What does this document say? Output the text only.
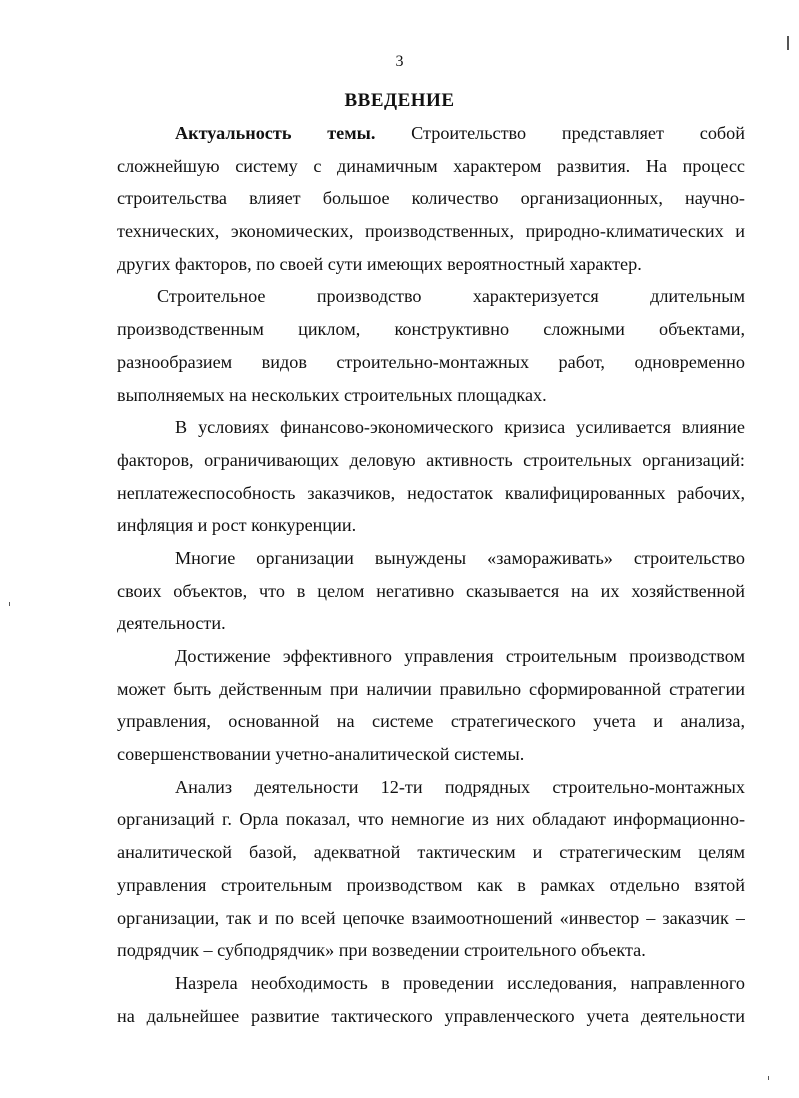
3
ВВЕДЕНИЕ
Актуальность темы. Строительство представляет собой
сложнейшую систему с динамичным характером развития. На процесс
строительства влияет большое количество организационных, научно-
технических, экономических, производственных, природно-климатических и
других факторов, по своей сути имеющих вероятностный характер.
Строительное производство характеризуется длительным
производственным циклом, конструктивно сложными объектами,
разнообразием видов строительно-монтажных работ, одновременно
выполняемых на нескольких строительных площадках.
В условиях финансово-экономического кризиса усиливается влияние
факторов, ограничивающих деловую активность строительных организаций:
неплатежеспособность заказчиков, недостаток квалифицированных рабочих,
инфляция и рост конкуренции.
Многие организации вынуждены «замораживать» строительство
своих объектов, что в целом негативно сказывается на их хозяйственной
деятельности.
Достижение эффективного управления строительным производством
может быть действенным при наличии правильно сформированной стратегии
управления, основанной на системе стратегического учета и анализа,
совершенствовании учетно-аналитической системы.
Анализ деятельности 12-ти подрядных строительно-монтажных
организаций г. Орла показал, что немногие из них обладают информационно-
аналитической базой, адекватной тактическим и стратегическим целям
управления строительным производством как в рамках отдельно взятой
организации, так и по всей цепочке взаимоотношений «инвестор – заказчик –
подрядчик – субподрядчик» при возведении строительного объекта.
Назрела необходимость в проведении исследования, направленного
на дальнейшее развитие тактического управленческого учета деятельности
